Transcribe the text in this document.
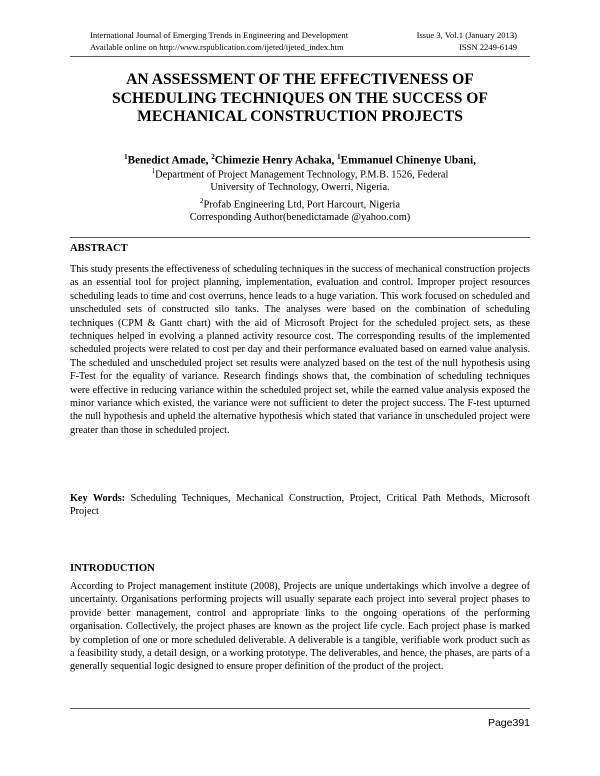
International Journal of Emerging Trends in Engineering and Development	Issue 3, Vol.1 (January 2013)
Available online on http://www.rspublication.com/ijeted/ijeted_index.htm	ISSN 2249-6149
AN ASSESSMENT OF THE EFFECTIVENESS OF
SCHEDULING TECHNIQUES ON THE SUCCESS OF
MECHANICAL CONSTRUCTION PROJECTS
$^1$Benedict Amade, $^2$Chimezie Henry Achaka, $^1$Emmanuel Chinenye Ubani,
$^1$Department of Project Management Technology, P.M.B. 1526, Federal University of Technology, Owerri, Nigeria.
$^2$Profab Engineering Ltd, Port Harcourt, Nigeria
Corresponding Author(benedictamade @yahoo.com)
ABSTRACT
This study presents the effectiveness of scheduling techniques in the success of mechanical construction projects as an essential tool for project planning, implementation, evaluation and control. Improper project resources scheduling leads to time and cost overruns, hence leads to a huge variation. This work focused on scheduled and unscheduled sets of constructed silo tanks. The analyses were based on the combination of scheduling techniques (CPM & Gantt chart) with the aid of Microsoft Project for the scheduled project sets, as these techniques helped in evolving a planned activity resource cost. The corresponding results of the implemented scheduled projects were related to cost per day and their performance evaluated based on earned value analysis. The scheduled and unscheduled project set results were analyzed based on the test of the null hypothesis using F-Test for the equality of variance. Research findings shows that, the combination of scheduling techniques were effective in reducing variance within the scheduled project set, while the earned value analysis exposed the minor variance which existed, the variance were not sufficient to deter the project success. The F-test upturned the null hypothesis and upheld the alternative hypothesis which stated that variance in unscheduled project were greater than those in scheduled project.
Key Words: Scheduling Techniques, Mechanical Construction, Project, Critical Path Methods, Microsoft Project
INTRODUCTION
According to Project management institute (2008), Projects are unique undertakings which involve a degree of uncertainty. Organisations performing projects will usually separate each project into several project phases to provide better management, control and appropriate links to the ongoing operations of the performing organisation. Collectively, the project phases are known as the project life cycle. Each project phase is marked by completion of one or more scheduled deliverable. A deliverable is a tangible, verifiable work product such as a feasibility study, a detail design, or a working prototype. The deliverables, and hence, the phases, are parts of a generally sequential logic designed to ensure proper definition of the product of the project.
Page391
